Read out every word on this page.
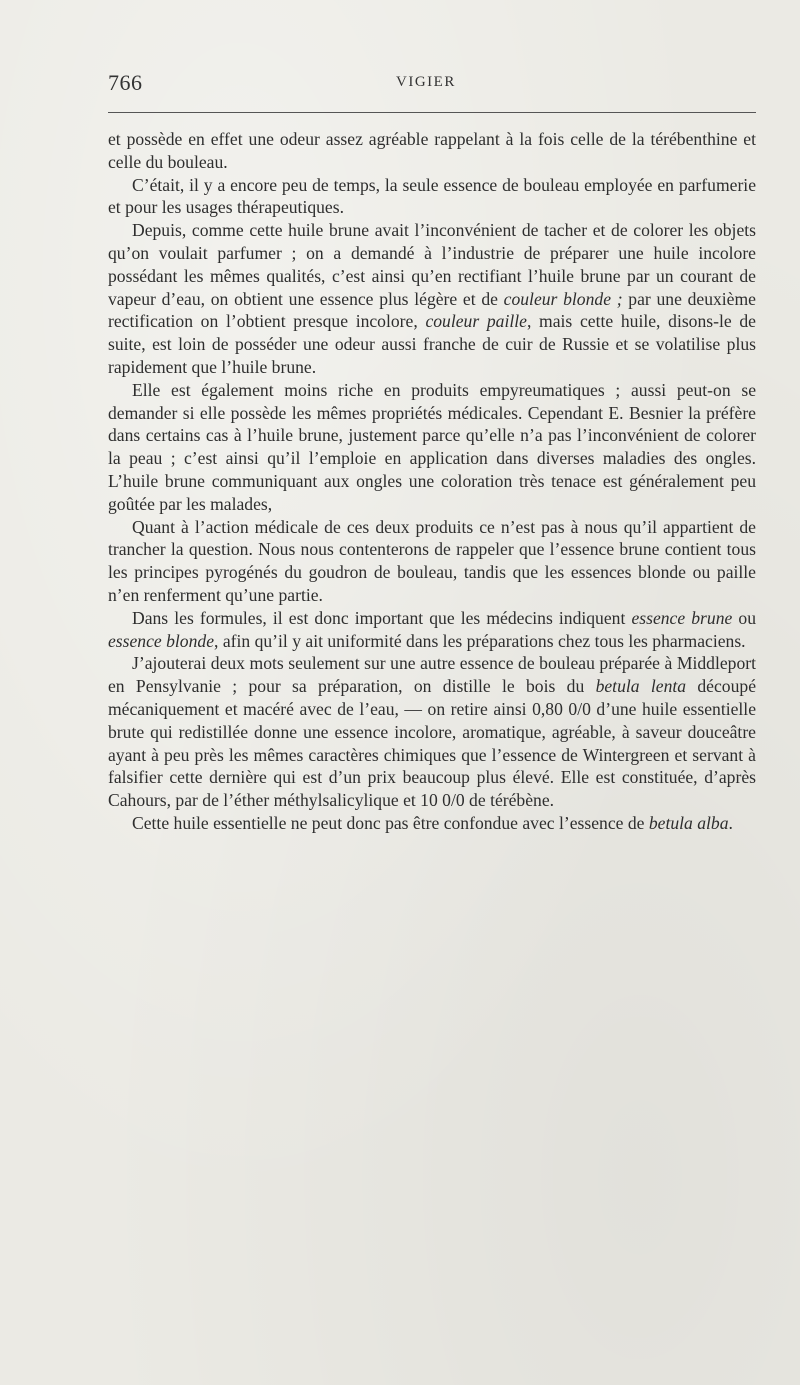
766	VIGIER

et possède en effet une odeur assez agréable rappelant à la fois celle de la térébenthine et celle du bouleau.

C’était, il y a encore peu de temps, la seule essence de bouleau employée en parfumerie et pour les usages thérapeutiques.

Depuis, comme cette huile brune avait l’inconvénient de tacher et de colorer les objets qu’on voulait parfumer ; on a demandé à l’industrie de préparer une huile incolore possédant les mêmes qualités, c’est ainsi qu’en rectifiant l’huile brune par un courant de vapeur d’eau, on obtient une essence plus légère et de couleur blonde ; par une deuxième rectification on l’obtient presque incolore, couleur paille, mais cette huile, disons-le de suite, est loin de posséder une odeur aussi franche de cuir de Russie et se volatilise plus rapidement que l’huile brune.

Elle est également moins riche en produits empyreumatiques ; aussi peut-on se demander si elle possède les mêmes propriétés médicales. Cependant E. Besnier la préfère dans certains cas à l’huile brune, justement parce qu’elle n’a pas l’inconvénient de colorer la peau ; c’est ainsi qu’il l’emploie en application dans diverses maladies des ongles. L’huile brune communiquant aux ongles une coloration très tenace est généralement peu goûtée par les malades,

Quant à l’action médicale de ces deux produits ce n’est pas à nous qu’il appartient de trancher la question. Nous nous contenterons de rappeler que l’essence brune contient tous les principes pyrogénés du goudron de bouleau, tandis que les essences blonde ou paille n’en renferment qu’une partie.

Dans les formules, il est donc important que les médecins indiquent essence brune ou essence blonde, afin qu’il y ait uniformité dans les préparations chez tous les pharmaciens.

J’ajouterai deux mots seulement sur une autre essence de bouleau préparée à Middleport en Pensylvanie ; pour sa préparation, on distille le bois du betula lenta découpé mécaniquement et macéré avec de l’eau, — on retire ainsi 0,80 0/0 d’une huile essentielle brute qui redistillée donne une essence incolore, aromatique, agréable, à saveur douceâtre ayant à peu près les mêmes caractères chimiques que l’essence de Wintergreen et servant à falsifier cette dernière qui est d’un prix beaucoup plus élevé. Elle est constituée, d’après Cahours, par de l’éther méthylsalicylique et 10 0/0 de térébène.

Cette huile essentielle ne peut donc pas être confondue avec l’essence de betula alba.
